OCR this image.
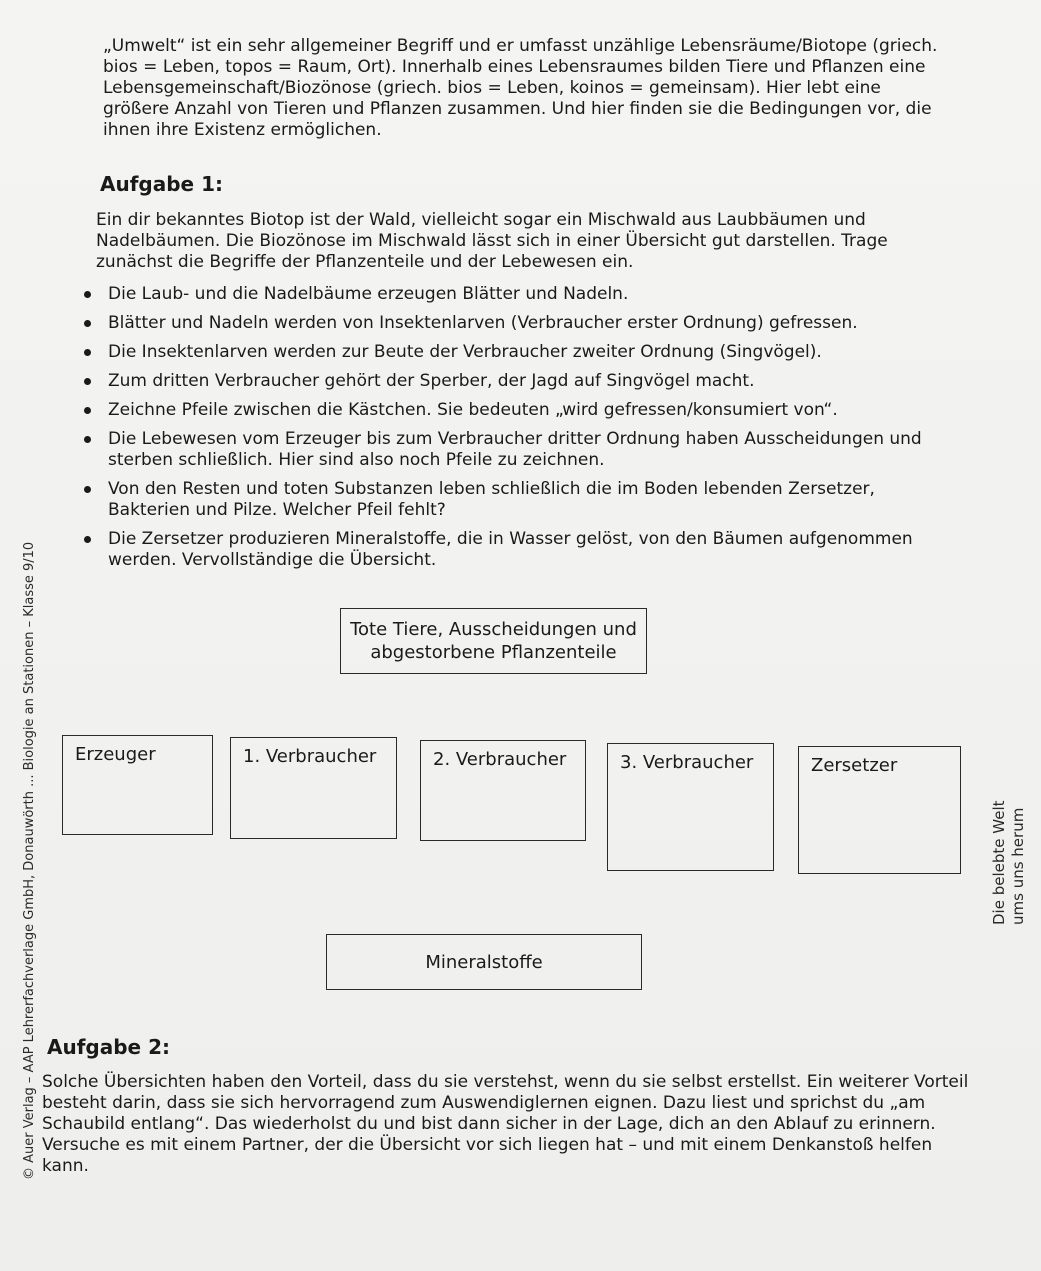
„Umwelt“ ist ein sehr allgemeiner Begriff und er umfasst unzählige Lebensräume/Biotope (griech. bios = Leben, topos = Raum, Ort). Innerhalb eines Lebensraumes bilden Tiere und Pflanzen eine Lebensgemeinschaft/Biozönose (griech. bios = Leben, koinos = gemeinsam). Hier lebt eine größere Anzahl von Tieren und Pflanzen zusammen. Und hier finden sie die Bedingungen vor, die ihnen ihre Existenz ermöglichen.

Aufgabe 1:

Ein dir bekanntes Biotop ist der Wald, vielleicht sogar ein Mischwald aus Laubbäumen und Nadelbäumen. Die Biozönose im Mischwald lässt sich in einer Übersicht gut darstellen. Trage zunächst die Begriffe der Pflanzenteile und der Lebewesen ein.

Die Laub- und die Nadelbäume erzeugen Blätter und Nadeln.
Blätter und Nadeln werden von Insektenlarven (Verbraucher erster Ordnung) gefressen.
Die Insektenlarven werden zur Beute der Verbraucher zweiter Ordnung (Singvögel).
Zum dritten Verbraucher gehört der Sperber, der Jagd auf Singvögel macht.
Zeichne Pfeile zwischen die Kästchen. Sie bedeuten „wird gefressen/konsumiert von“.
Die Lebewesen vom Erzeuger bis zum Verbraucher dritter Ordnung haben Ausscheidungen und sterben schließlich. Hier sind also noch Pfeile zu zeichnen.
Von den Resten und toten Substanzen leben schließlich die im Boden lebenden Zersetzer, Bakterien und Pilze. Welcher Pfeil fehlt?
Die Zersetzer produzieren Mineralstoffe, die in Wasser gelöst, von den Bäumen aufgenommen werden. Vervollständige die Übersicht.
Tote Tiere, Ausscheidungen und
abgestorbene Pflanzenteile
Erzeuger	1. Verbraucher	2. Verbraucher	3. Verbraucher	Zersetzer
Mineralstoffe
Aufgabe 2:

Solche Übersichten haben den Vorteil, dass du sie verstehst, wenn du sie selbst erstellst. Ein weiterer Vorteil besteht darin, dass sie sich hervorragend zum Auswendiglernen eignen. Dazu liest und sprichst du „am Schaubild entlang“. Das wiederholst du und bist dann sicher in der Lage, dich an den Ablauf zu erinnern. Versuche es mit einem Partner, der die Übersicht vor sich liegen hat – und mit einem Denkanstoß helfen kann.

© Auer Verlag – AAP Lehrerfachverlage GmbH, Donauwörth ... Biologie an Stationen – Klasse 9/10	Die belebte Welt ums uns herum
